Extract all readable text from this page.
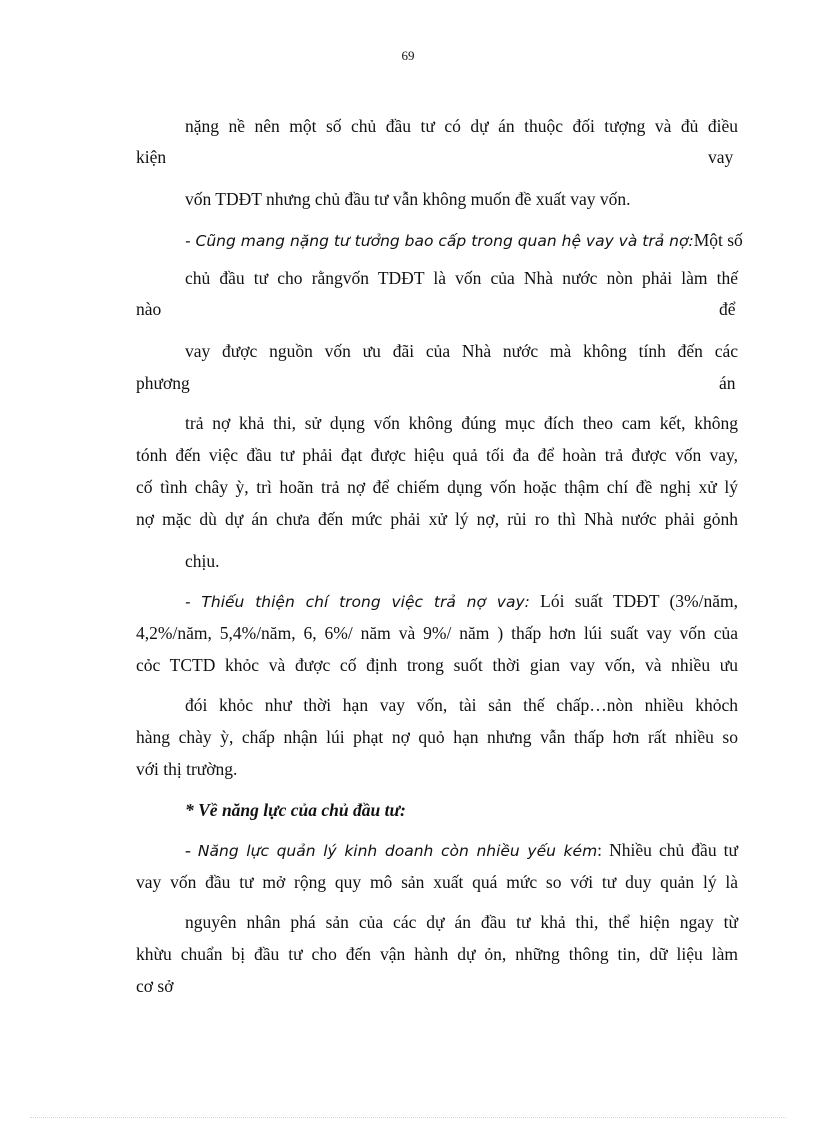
69
nặng nề nên một số chủ đầu tư có dự án thuộc đối tượng và đủ điều
kiện	vay
vốn TDĐT nhưng chủ đầu tư vẫn không muốn đề xuất vay vốn.
- Cũng mang nặng tư tưởng bao cấp trong quan hệ vay và trả nợ:Một số
chủ đầu tư cho rằngvốn TDĐT là vốn của Nhà nước nòn phải làm thế
nào	để
vay được nguồn vốn ưu đãi của Nhà nước mà không tính đến các
phương	án
trả nợ khả thi, sử dụng vốn không đúng mục đích theo cam kết, không
tónh đến việc đầu tư phải đạt được hiệu quả tối đa để hoàn trả được vốn vay,
cố tình chây ỳ, trì hoãn trả nợ để chiếm dụng vốn hoặc thậm chí đề nghị xử lý
nợ mặc dù dự án chưa đến mức phải xử lý nợ, rủi ro thì Nhà nước phải gỏnh
chịu.
- Thiếu thiện chí trong việc trả nợ vay: Lói suất TDĐT (3%/năm,
4,2%/năm, 5,4%/năm, 6, 6%/ năm và 9%/ năm ) thấp hơn lúi suất vay vốn của
cỏc TCTD khỏc và được cố định trong suốt thời gian vay vốn, và nhiều ưu
đói khỏc như thời hạn vay vốn, tài sản thế chấp…nòn nhiều khỏch
hàng chày ỳ, chấp nhận lúi phạt nợ quỏ hạn nhưng vẫn thấp hơn rất nhiều so
với thị trường.
* Về năng lực của chủ đầu tư:
- Năng lực quản lý kinh doanh còn nhiều yếu kém: Nhiều chủ đầu tư
vay vốn đầu tư mở rộng quy mô sản xuất quá mức so với tư duy quản lý là
nguyên nhân phá sản của các dự án đầu tư khả thi, thể hiện ngay từ
khừu chuẩn bị đầu tư cho đến vận hành dự ỏn, những thông tin, dữ liệu làm
cơ sở
